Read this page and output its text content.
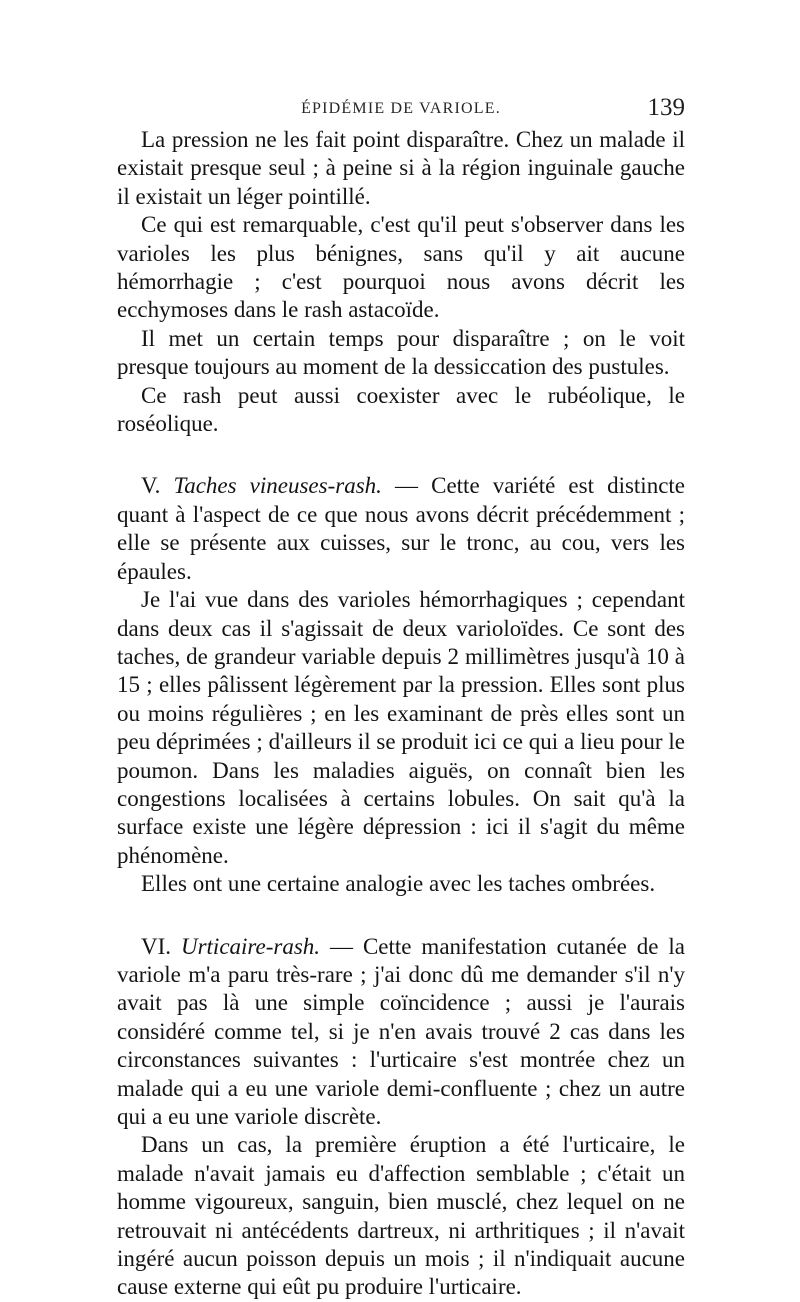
ÉPIDÉMIE DE VARIOLE.	139

La pression ne les fait point disparaître. Chez un malade il existait presque seul ; à peine si à la région inguinale gauche il existait un léger pointillé.

Ce qui est remarquable, c'est qu'il peut s'observer dans les varioles les plus bénignes, sans qu'il y ait aucune hémorrhagie ; c'est pourquoi nous avons décrit les ecchymoses dans le rash astacoïde.

Il met un certain temps pour disparaître ; on le voit presque toujours au moment de la dessiccation des pustules.

Ce rash peut aussi coexister avec le rubéolique, le roséolique.

V. Taches vineuses-rash. — Cette variété est distincte quant à l'aspect de ce que nous avons décrit précédemment ; elle se présente aux cuisses, sur le tronc, au cou, vers les épaules.

Je l'ai vue dans des varioles hémorrhagiques ; cependant dans deux cas il s'agissait de deux varioloïdes. Ce sont des taches, de grandeur variable depuis 2 millimètres jusqu'à 10 à 15 ; elles pâlissent légèrement par la pression. Elles sont plus ou moins régulières ; en les examinant de près elles sont un peu déprimées ; d'ailleurs il se produit ici ce qui a lieu pour le poumon. Dans les maladies aiguës, on connaît bien les congestions localisées à certains lobules. On sait qu'à la surface existe une légère dépression : ici il s'agit du même phénomène.

Elles ont une certaine analogie avec les taches ombrées.

VI. Urticaire-rash. — Cette manifestation cutanée de la variole m'a paru très-rare ; j'ai donc dû me demander s'il n'y avait pas là une simple coïncidence ; aussi je l'aurais considéré comme tel, si je n'en avais trouvé 2 cas dans les circonstances suivantes : l'urticaire s'est montrée chez un malade qui a eu une variole demi-confluente ; chez un autre qui a eu une variole discrète.

Dans un cas, la première éruption a été l'urticaire, le malade n'avait jamais eu d'affection semblable ; c'était un homme vigoureux, sanguin, bien musclé, chez lequel on ne retrouvait ni antécédents dartreux, ni arthritiques ; il n'avait ingéré aucun poisson depuis un mois ; il n'indiquait aucune cause externe qui eût pu produire l'urticaire.
